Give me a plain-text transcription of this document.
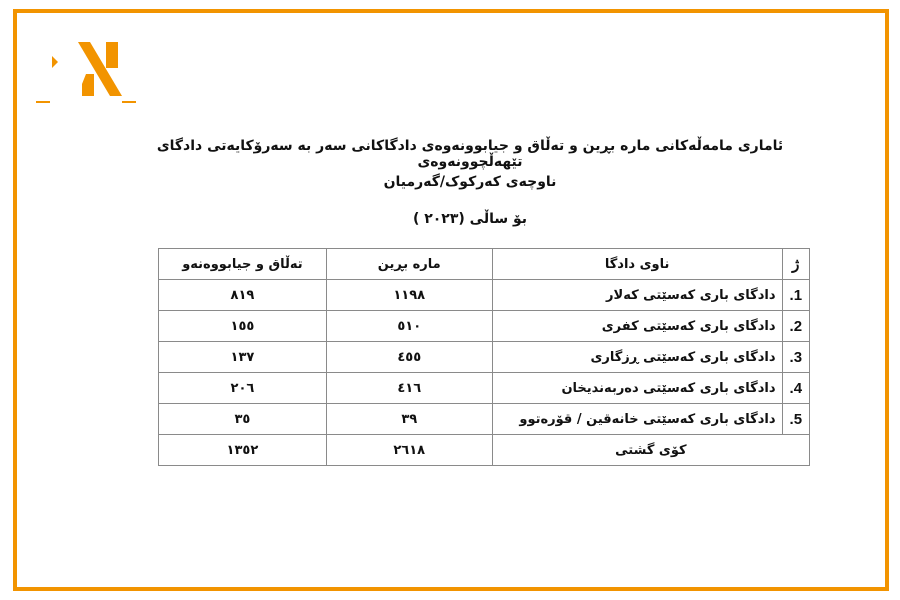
ئاماری مامەڵەکانی مارە بڕین و تەڵاق و جیابوونەوەی دادگاکانی سەر بە سەرۆکایەتی دادگای تێهەڵچوونەوەی
ناوچەی کەرکوک/گەرمیان
بۆ ساڵی (٢٠٢٣ )
ژ	ناوی دادگا	مارە بڕین	تەڵاق و جیابووەنەو
1.	دادگای باری کەسێتی کەلار	١١٩٨	٨١٩
2.	دادگای باری کەسێتی کفری	٥١٠	١٥٥
3.	دادگای باری کەسێتی ڕزگاری	٤٥٥	١٣٧
4.	دادگای باری کەسێتی دەربەندیخان	٤١٦	٢٠٦
5.	دادگای باری کەسێتی خانەقین / قۆرەتوو	٣٩	٣٥
کۆی گشتی		٢٦١٨	١٣٥٢
